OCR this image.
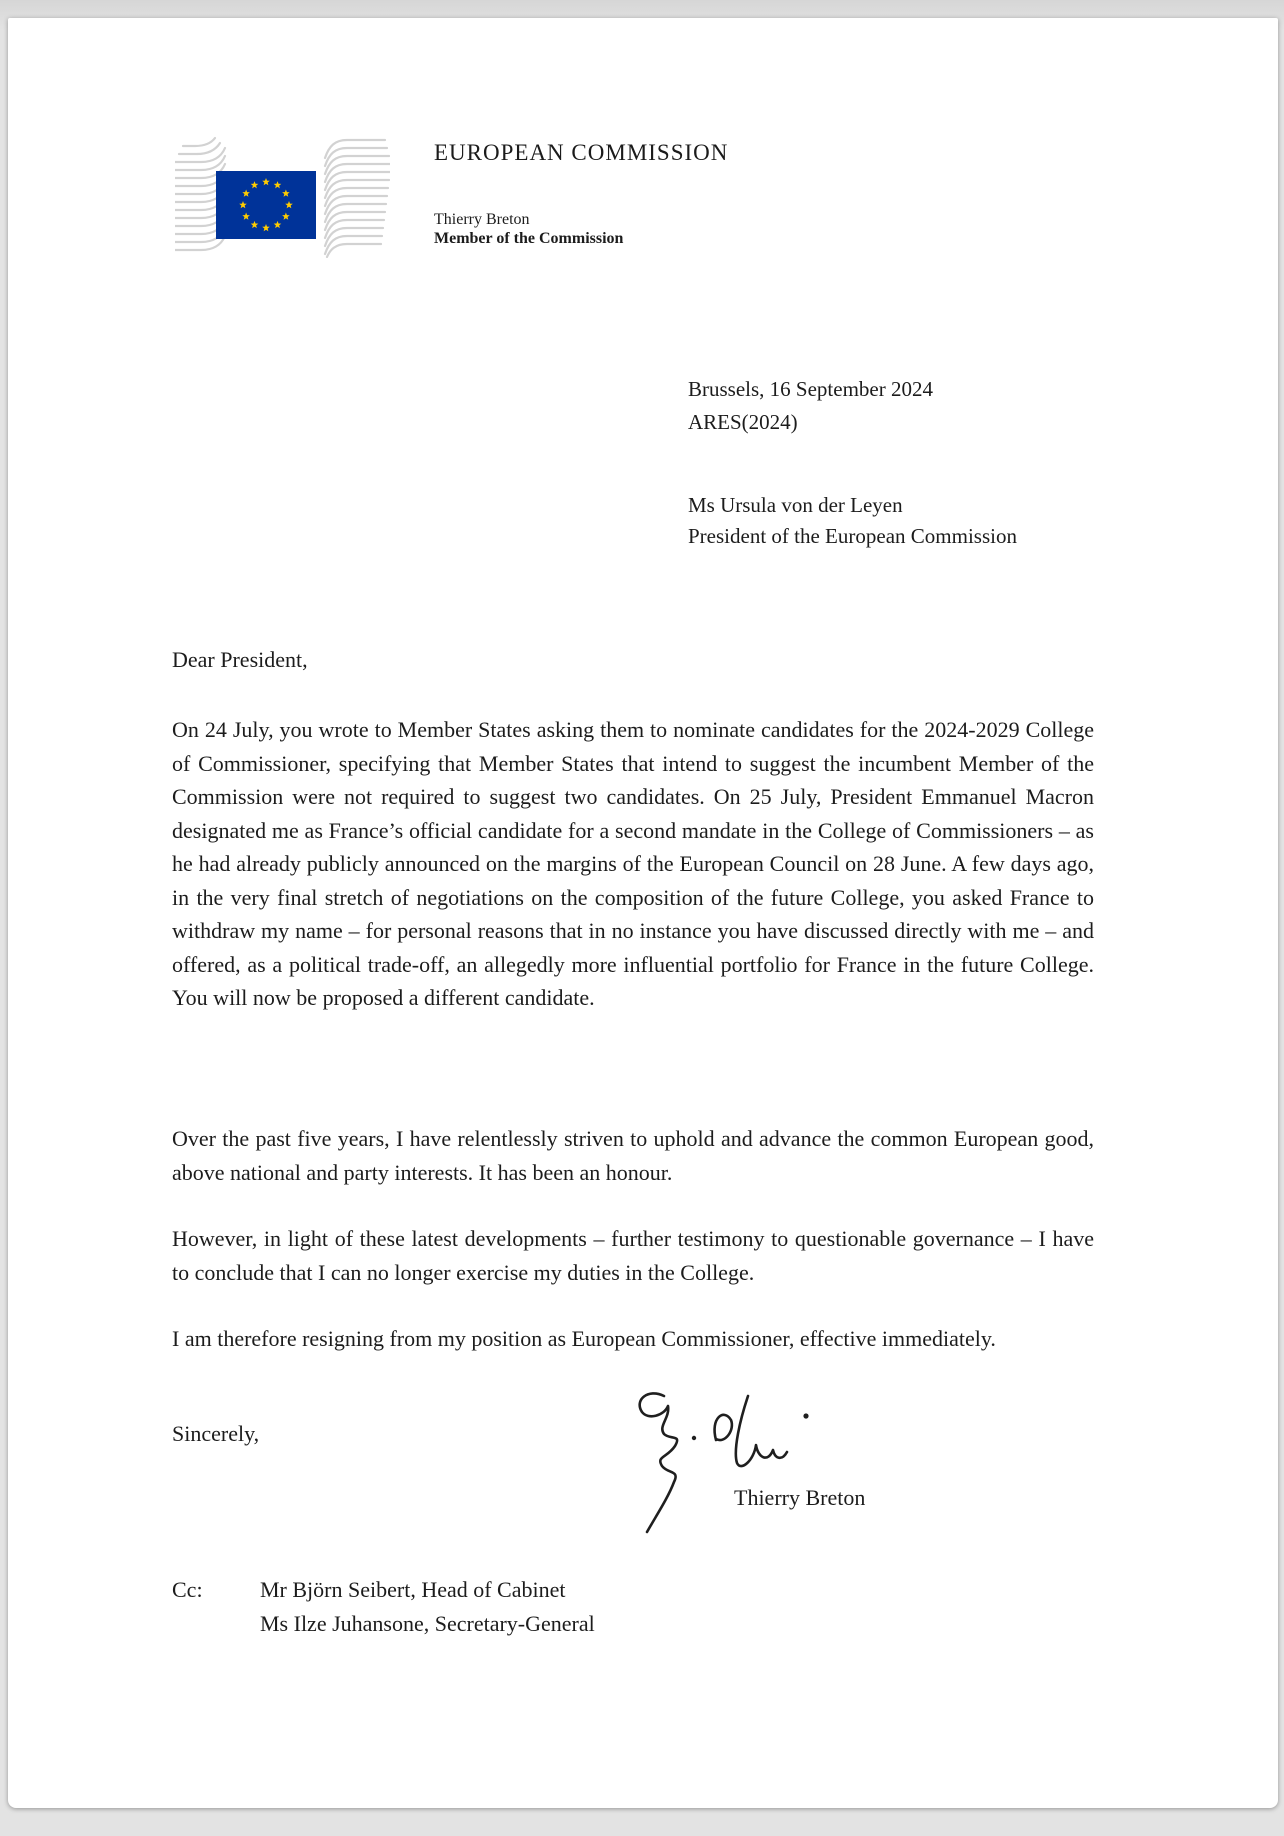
EUROPEAN COMMISSION
Thierry Breton
Member of the Commission
Brussels, 16 September 2024
ARES(2024)
Ms Ursula von der Leyen
President of the European Commission
Dear President,
On 24 July, you wrote to Member States asking them to nominate candidates for the 2024-2029 College of Commissioner, specifying that Member States that intend to suggest the incumbent Member of the Commission were not required to suggest two candidates. On 25 July, President Emmanuel Macron designated me as France’s official candidate for a second mandate in the College of Commissioners – as he had already publicly announced on the margins of the European Council on 28 June. A few days ago, in the very final stretch of negotiations on the composition of the future College, you asked France to withdraw my name – for personal reasons that in no instance you have discussed directly with me – and offered, as a political trade-off, an allegedly more influential portfolio for France in the future College. You will now be proposed a different candidate.
Over the past five years, I have relentlessly striven to uphold and advance the common European good, above national and party interests. It has been an honour.
However, in light of these latest developments – further testimony to questionable governance – I have to conclude that I can no longer exercise my duties in the College.
I am therefore resigning from my position as European Commissioner, effective immediately.
Sincerely,
Thierry Breton
Cc:	Mr Björn Seibert, Head of Cabinet
Ms Ilze Juhansone, Secretary-General
